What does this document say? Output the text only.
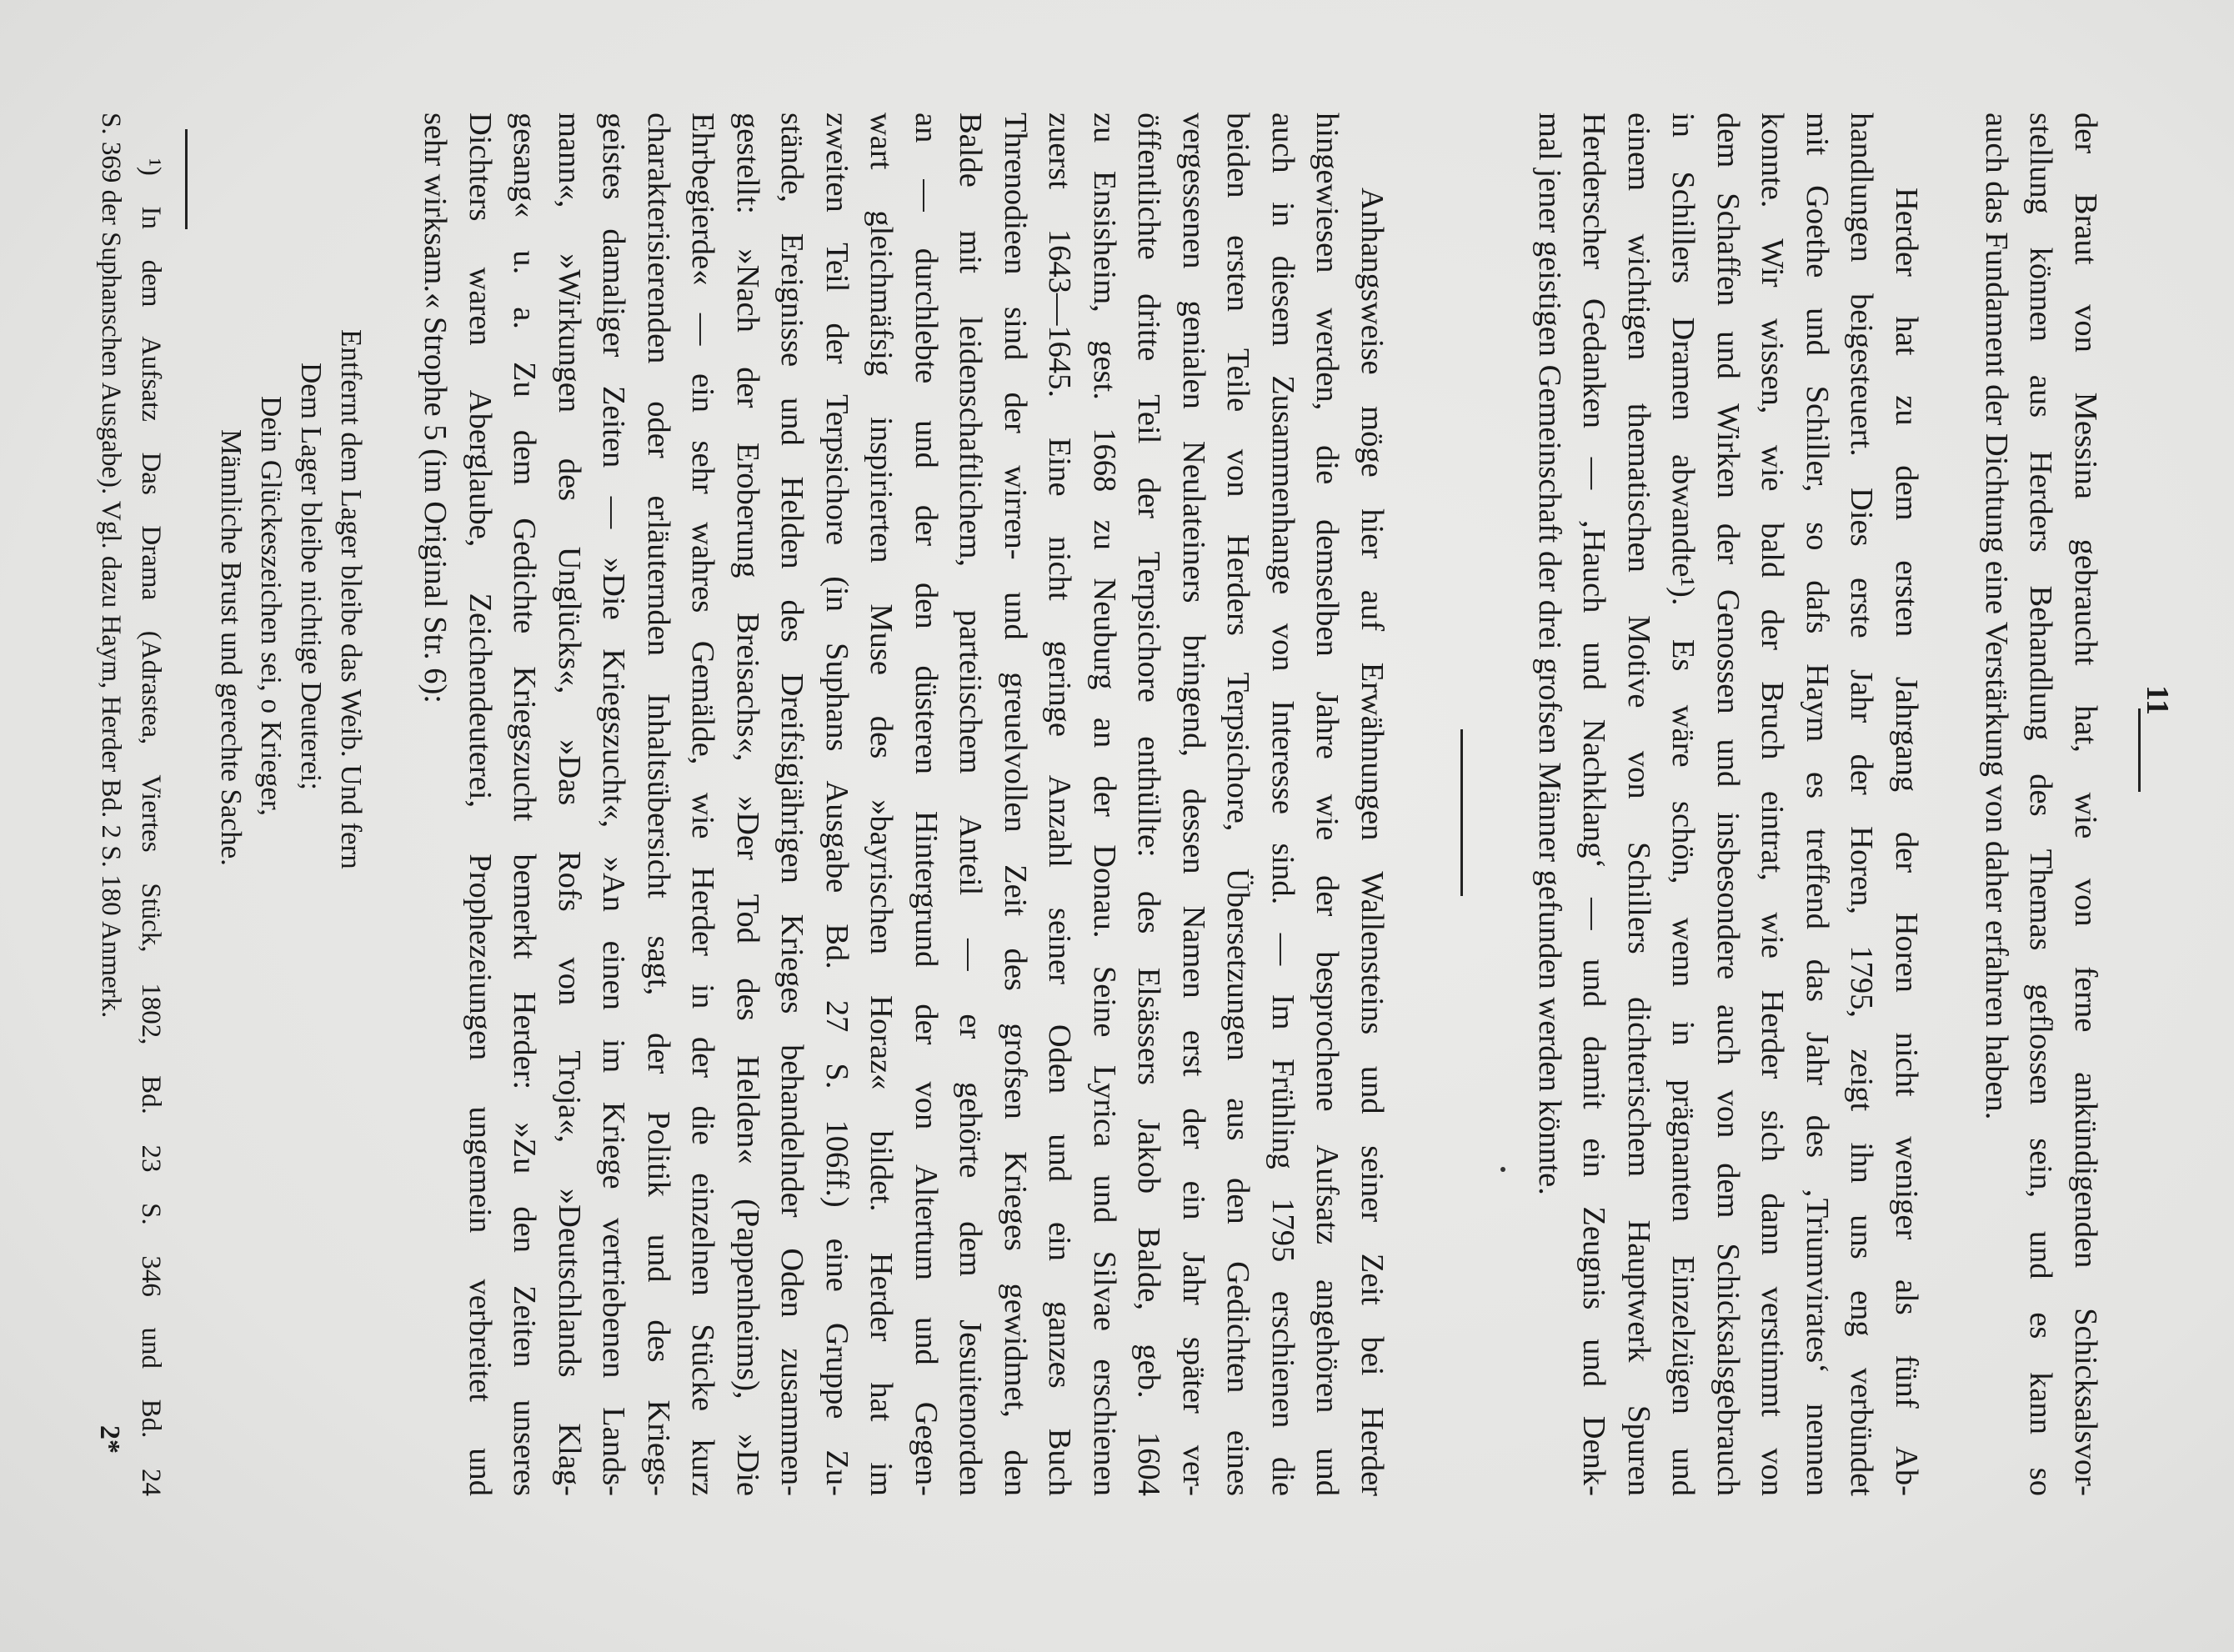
11
der Braut von Messina gebraucht hat, wie von ferne ankündigenden Schicksalsvor-
stellung können aus Herders Behandlung des Themas geflossen sein, und es kann so
auch das Fundament der Dichtung eine Verstärkung von daher erfahren haben.
Herder hat zu dem ersten Jahrgang der Horen nicht weniger als fünf Ab-
handlungen beigesteuert. Dies erste Jahr der Horen, 1795, zeigt ihn uns eng verbündet
mit Goethe und Schiller, so dafs Haym es treffend das Jahr des ‚Triumvirates‘ nennen
konnte. Wir wissen, wie bald der Bruch eintrat, wie Herder sich dann verstimmt von
dem Schaffen und Wirken der Genossen und insbesondere auch von dem Schicksalsgebrauch
in Schillers Dramen abwandte¹). Es wäre schön, wenn in prägnanten Einzelzügen und
einem wichtigen thematischen Motive von Schillers dichterischem Hauptwerk Spuren
Herderscher Gedanken — ‚Hauch und Nachklang‘ — und damit ein Zeugnis und Denk-
mal jener geistigen Gemeinschaft der drei grofsen Männer gefunden werden könnte.
Anhangsweise möge hier auf Erwähnungen Wallensteins und seiner Zeit bei Herder
hingewiesen werden, die demselben Jahre wie der besprochene Aufsatz angehören und
auch in diesem Zusammenhange von Interesse sind. — Im Frühling 1795 erschienen die
beiden ersten Teile von Herders Terpsichore, Übersetzungen aus den Gedichten eines
vergessenen genialen Neulateiners bringend, dessen Namen erst der ein Jahr später ver-
öffentlichte dritte Teil der Terpsichore enthüllte: des Elsässers Jakob Balde, geb. 1604
zu Ensisheim, gest. 1668 zu Neuburg an der Donau. Seine Lyrica und Silvae erschienen
zuerst 1643—1645. Eine nicht geringe Anzahl seiner Oden und ein ganzes Buch
Threnodieen sind der wirren- und greuelvollen Zeit des grofsen Krieges gewidmet, den
Balde mit leidenschaftlichem, parteiischem Anteil — er gehörte dem Jesuitenorden
an — durchlebte und der den düsteren Hintergrund der von Altertum und Gegen-
wart gleichmäfsig inspirierten Muse des »bayrischen Horaz« bildet. Herder hat im
zweiten Teil der Terpsichore (in Suphans Ausgabe Bd. 27 S. 106ff.) eine Gruppe Zu-
stände, Ereignisse und Helden des Dreifsigjährigen Krieges behandelnder Oden zusammen-
gestellt: »Nach der Eroberung Breisachs«, »Der Tod des Helden« (Pappenheims), »Die
Ehrbegierde« — ein sehr wahres Gemälde, wie Herder in der die einzelnen Stücke kurz
charakterisierenden oder erläuternden Inhaltsübersicht sagt, der Politik und des Kriegs-
geistes damaliger Zeiten — »Die Kriegszucht«, »An einen im Kriege vertriebenen Lands-
mann«, »Wirkungen des Unglücks«, »Das Rofs von Troja«, »Deutschlands Klag-
gesang« u. a. Zu dem Gedichte Kriegszucht bemerkt Herder: »Zu den Zeiten unseres
Dichters waren Aberglaube, Zeichendeuterei, Prophezeiungen ungemein verbreitet und
sehr wirksam.« Strophe 5 (im Original Str. 6):
Entfernt dem Lager bleibe das Weib. Und fern
Dem Lager bleibe nichtige Deuterei;
Dein Glückeszeichen sei, o Krieger,
Männliche Brust und gerechte Sache.
¹) In dem Aufsatz Das Drama (Adrastea, Viertes Stück, 1802, Bd. 23 S. 346 und Bd. 24
S. 369 der Suphanschen Ausgabe). Vgl. dazu Haym, Herder Bd. 2 S. 180 Anmerk.
2*
